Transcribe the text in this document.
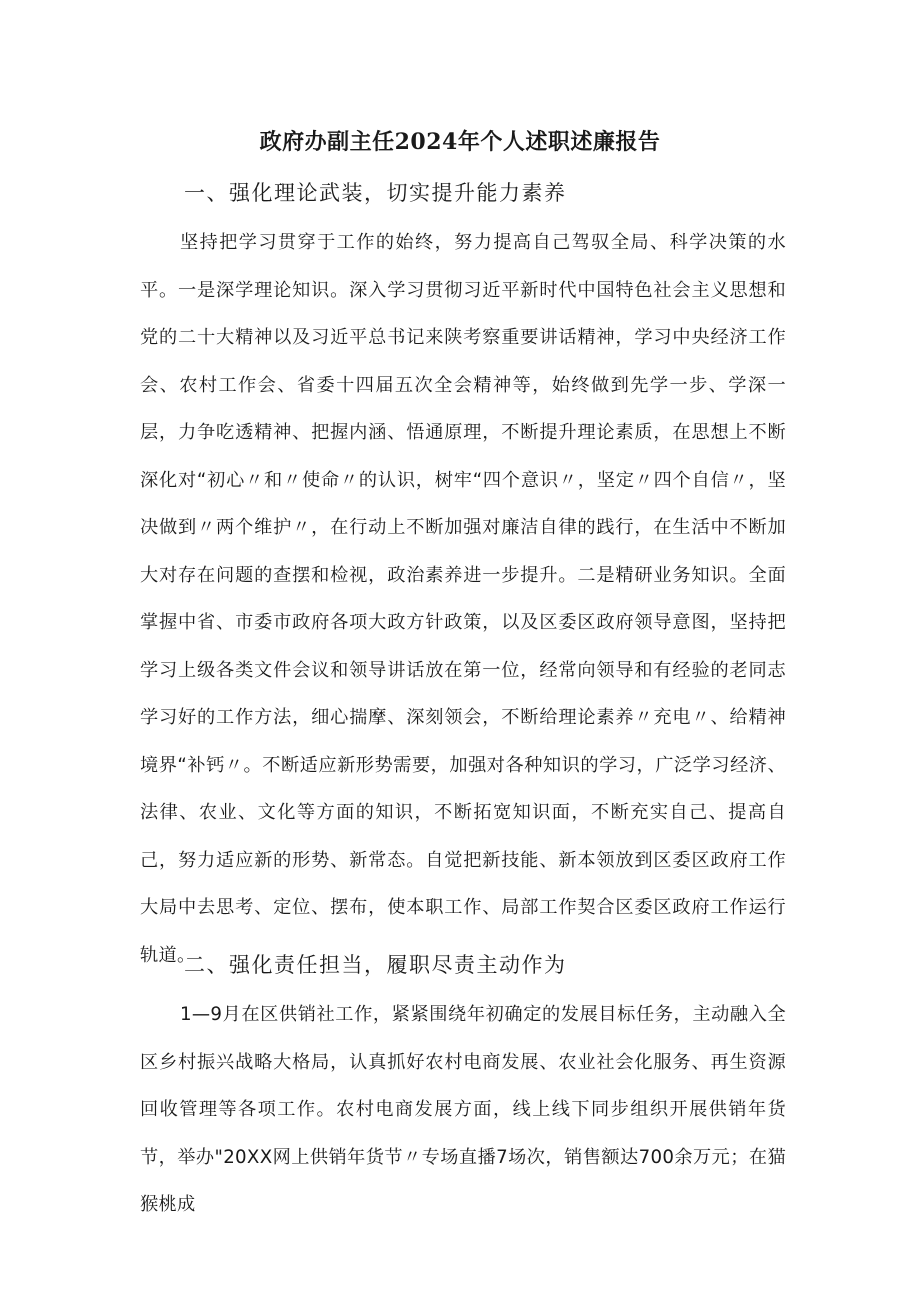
政府办副主任2024年个人述职述廉报告
一、强化理论武装，切实提升能力素养

坚持把学习贯穿于工作的始终，努力提高自己驾驭全局、科学决策的水平。一是深学理论知识。深入学习贯彻习近平新时代中国特色社会主义思想和党的二十大精神以及习近平总书记来陕考察重要讲话精神，学习中央经济工作会、农村工作会、省委十四届五次全会精神等，始终做到先学一步、学深一层，力争吃透精神、把握内涵、悟通原理，不断提升理论素质，在思想上不断深化对“初心〃和〃使命〃的认识，树牢“四个意识〃，坚定〃四个自信〃，坚决做到〃两个维护〃，在行动上不断加强对廉洁自律的践行，在生活中不断加大对存在问题的查摆和检视，政治素养进一步提升。二是精研业务知识。全面掌握中省、市委市政府各项大政方针政策，以及区委区政府领导意图，坚持把学习上级各类文件会议和领导讲话放在第一位，经常向领导和有经验的老同志学习好的工作方法，细心揣摩、深刻领会，不断给理论素养〃充电〃、给精神境界“补钙〃。不断适应新形势需要，加强对各种知识的学习，广泛学习经济、法律、农业、文化等方面的知识，不断拓宽知识面，不断充实自己、提高自己，努力适应新的形势、新常态。自觉把新技能、新本领放到区委区政府工作大局中去思考、定位、摆布，使本职工作、局部工作契合区委区政府工作运行轨道。

二、强化责任担当，履职尽责主动作为

1—9月在区供销社工作，紧紧围绕年初确定的发展目标任务，主动融入全区乡村振兴战略大格局，认真抓好农村电商发展、农业社会化服务、再生资源回收管理等各项工作。农村电商发展方面，线上线下同步组织开展供销年货节，举办"20XX网上供销年货节〃专场直播7场次，销售额达700余万元；在猫猴桃成
